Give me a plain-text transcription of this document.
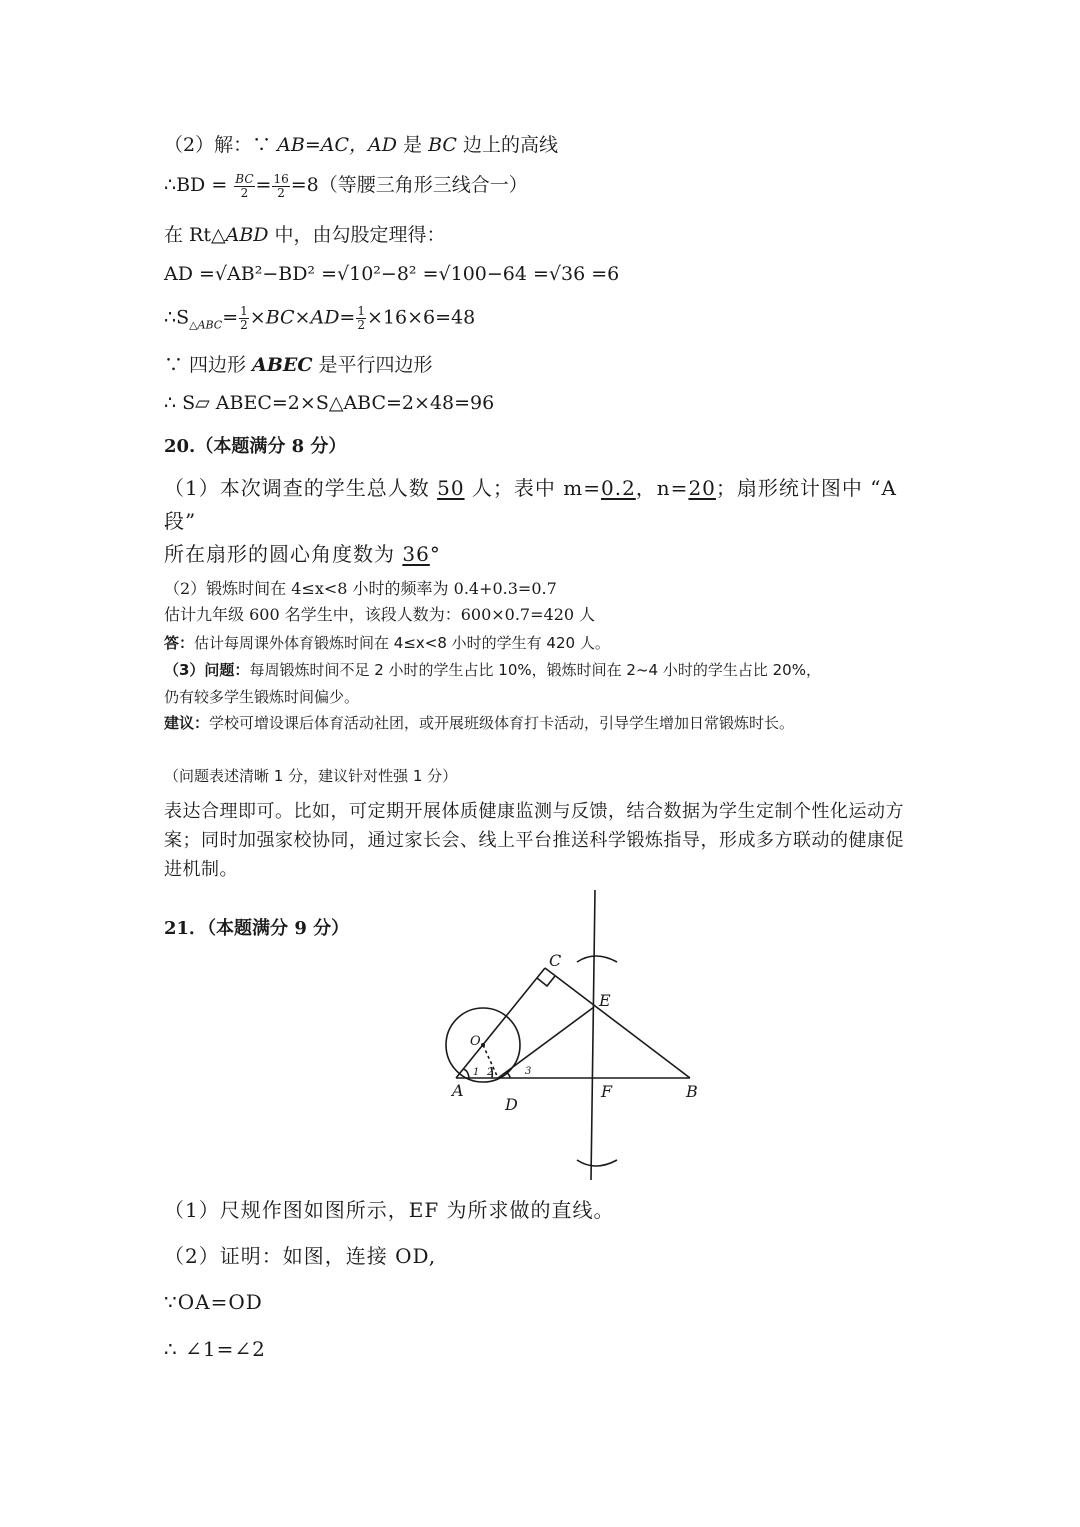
（2）解：∵ AB=AC，AD 是 BC 边上的高线
∴BD = $\frac{BC}{2} = \frac{16}{2} =8$（等腰三角形三线合一）
在 Rt△ABD 中，由勾股定理得：
AD =√AB²−BD² =√10²−8² =√100−64 =√36 =6
$\therefore S_{\triangle ABC}= \frac{1}{2} \times BC\times AD= \frac{1}{2} \times 16\times 6=48$
∵ 四边形 ABEC 是平行四边形
∴ S▱ ABEC=2×S△ABC=2×48=96
20.（本题满分 8 分）
（1）本次调查的学生总人数 50 人；表中 m=0.2，n=20；扇形统计图中 “A 段”
所在扇形的圆心角度数为 36°
（2）锻炼时间在 4≤x<8 小时的频率为 0.4+0.3=0.7
估计九年级 600 名学生中，该段人数为：600×0.7=420 人
答：估计每周课外体育锻炼时间在 4≤x<8 小时的学生有 420 人。
（3）问题：每周锻炼时间不足 2 小时的学生占比 10%，锻炼时间在 2~4 小时的学生占比 20%，
仍有较多学生锻炼时间偏少。
建议：学校可增设课后体育活动社团，或开展班级体育打卡活动，引导学生增加日常锻炼时长。
（问题表述清晰 1 分，建议针对性强 1 分）
表达合理即可。比如，可定期开展体质健康监测与反馈，结合数据为学生定制个性化运动方
案；同时加强家校协同，通过家长会、线上平台推送科学锻炼指导，形成多方联动的健康促
进机制。
21．（本题满分 9 分）
C
E
O
A
D
F	B
1 2	3
（1）尺规作图如图所示，EF 为所求做的直线。
（2）证明：如图，连接 OD,
∵OA=OD
∴ ∠1=∠2
